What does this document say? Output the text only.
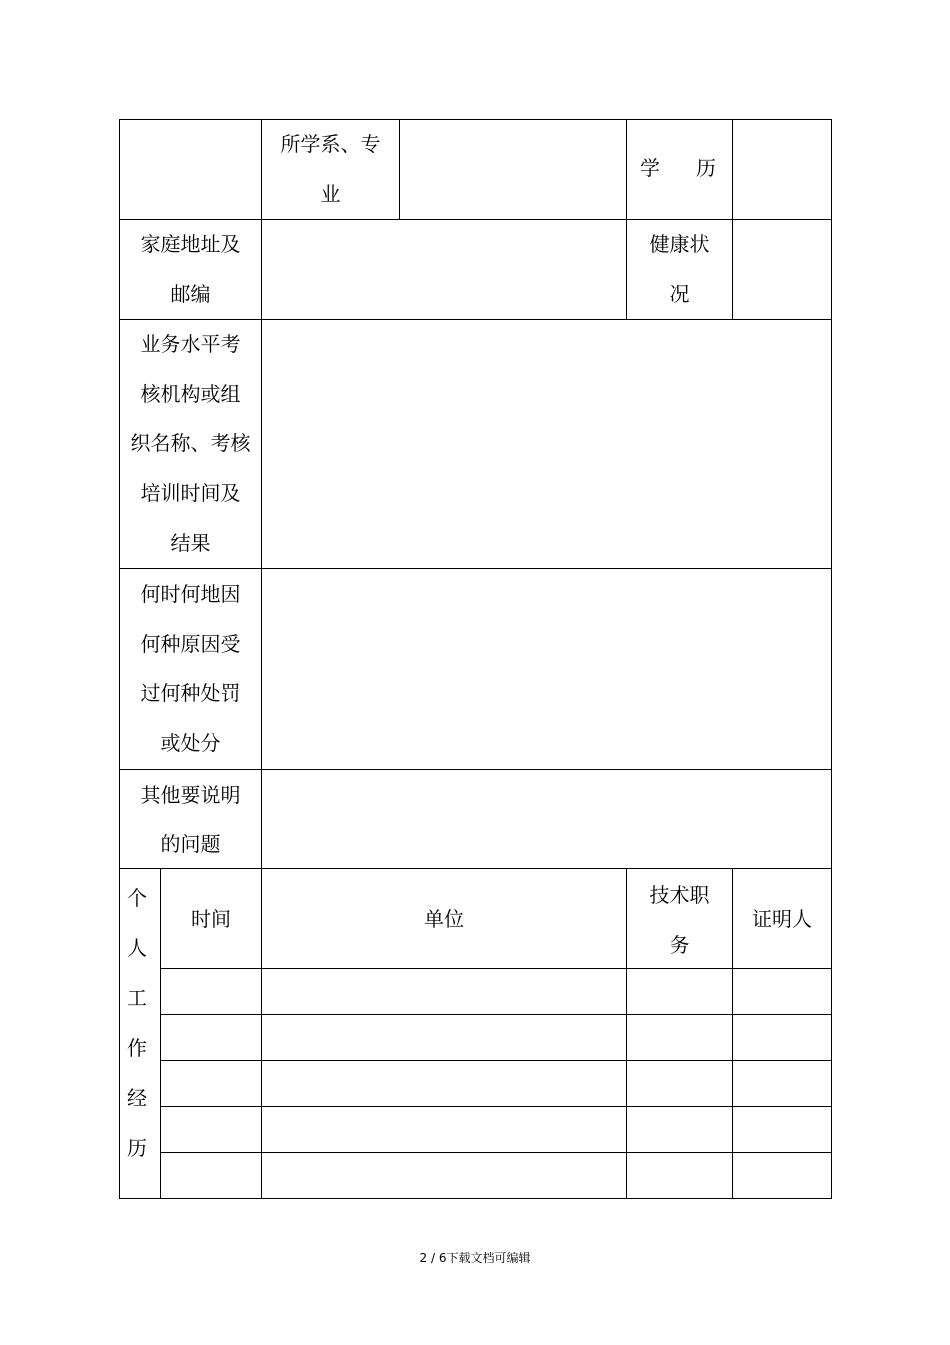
所学系、专
业
学 历
家庭地址及
邮编
健康状
况
业务水平考
核机构或组
织名称、考核
培训时间及
结果
何时何地因
何种原因受
过何种处罚
或处分
其他要说明
的问题
个
人
工
作
经
历
时间	单位
技术职
务
证明人
2 / 6下载文档可编辑
